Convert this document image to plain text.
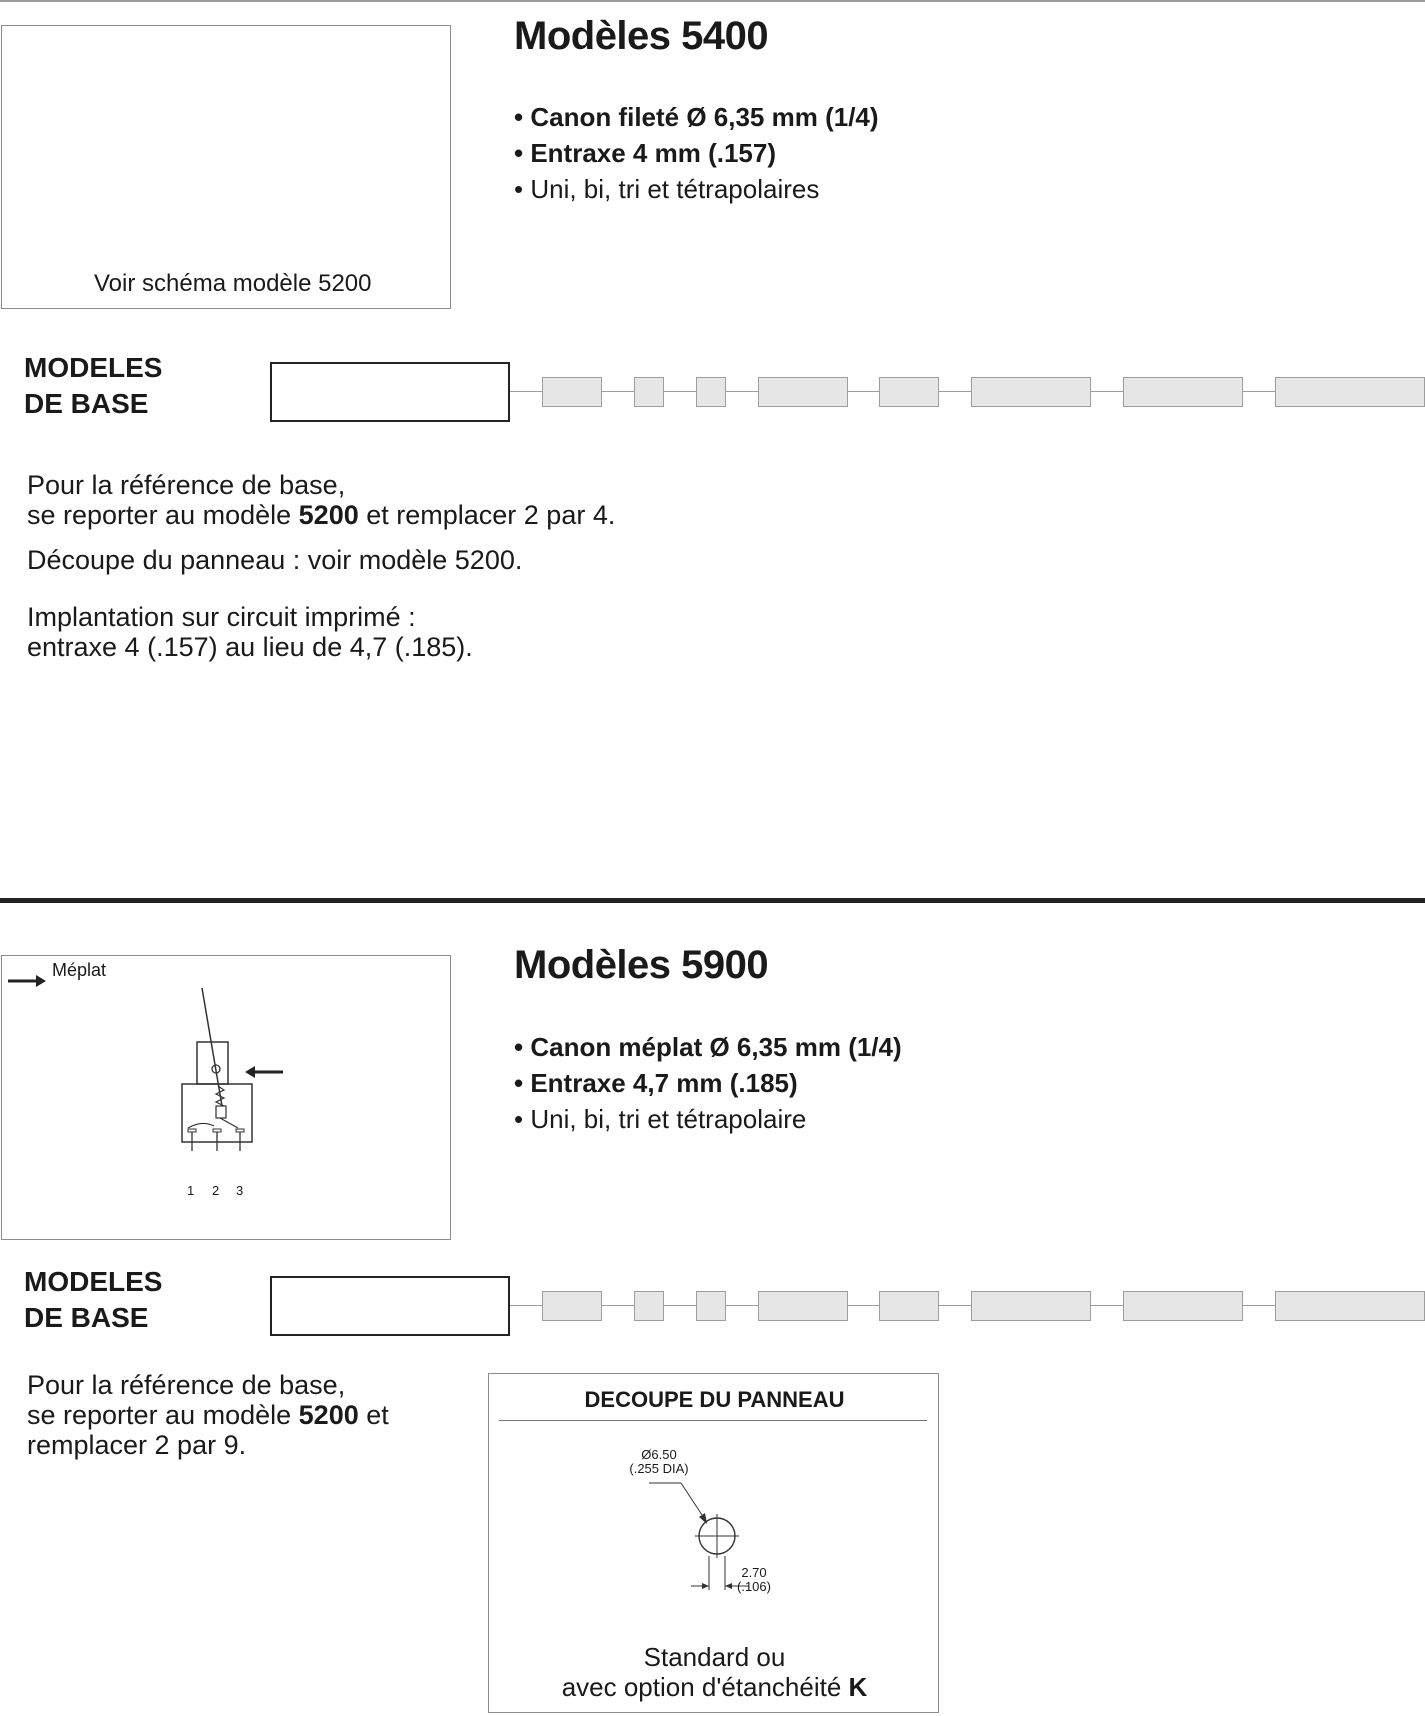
Voir schéma modèle 5200
Modèles 5400
• Canon fileté Ø 6,35 mm (1/4)
• Entraxe 4 mm (.157)
• Uni, bi, tri et tétrapolaires
MODELES
DE BASE
Pour la référence de base,
se reporter au modèle 5200 et remplacer 2 par 4.
Découpe du panneau : voir modèle 5200.
Implantation sur circuit imprimé :
entraxe 4 (.157) au lieu de 4,7 (.185).
Méplat
1 2 3
Modèles 5900
• Canon méplat Ø 6,35 mm (1/4)
• Entraxe 4,7 mm (.185)
• Uni, bi, tri et tétrapolaire
MODELES
DE BASE
Pour la référence de base,
se reporter au modèle 5200 et
remplacer 2 par 9.
DECOUPE DU PANNEAU
Ø6.50
(.255 DIA)
2.70
(.106)
Standard ou
avec option d'étanchéité K
